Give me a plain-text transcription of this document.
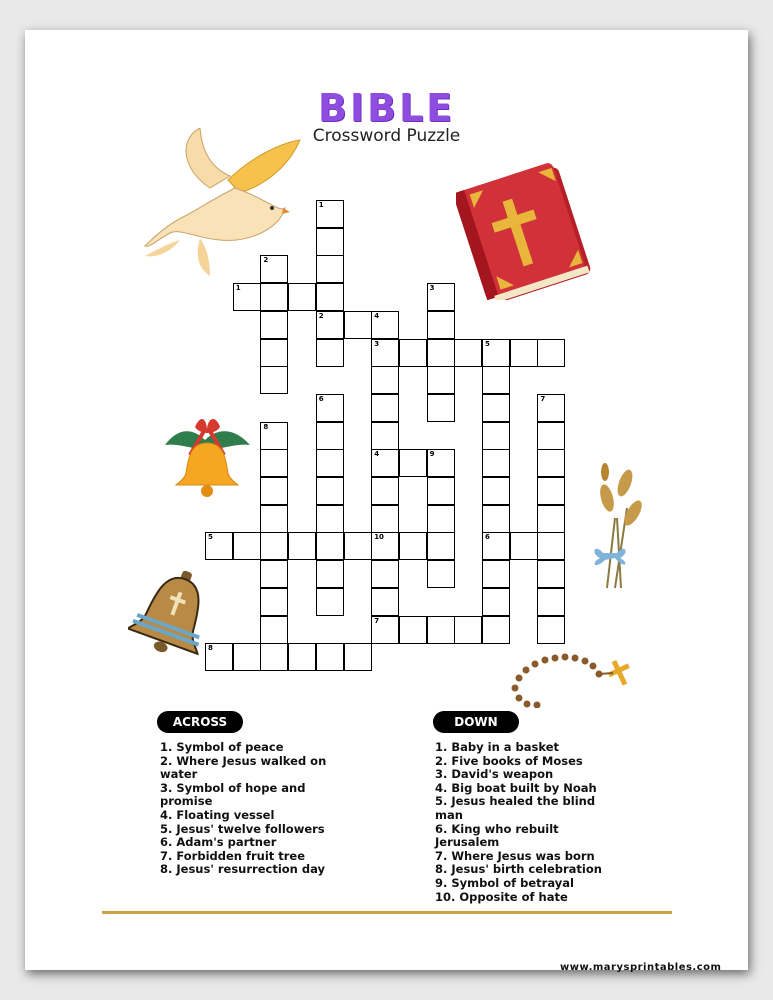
BIBLE
Crossword Puzzle
1
2
2
3
4
3
4
5
6
6	7
8
9
10
7
1
5
8
ACROSS	DOWN
1. Symbol of peace
2. Where Jesus walked on water
3. Symbol of hope and promise
4. Floating vessel
5. Jesus' twelve followers
6. Adam's partner
7. Forbidden fruit tree
8. Jesus' resurrection day
1. Baby in a basket
2. Five books of Moses
3. David's weapon
4. Big boat built by Noah
5. Jesus healed the blind man
6. King who rebuilt Jerusalem
7. Where Jesus was born
8. Jesus' birth celebration
9. Symbol of betrayal
10. Opposite of hate
www.marysprintables.com
